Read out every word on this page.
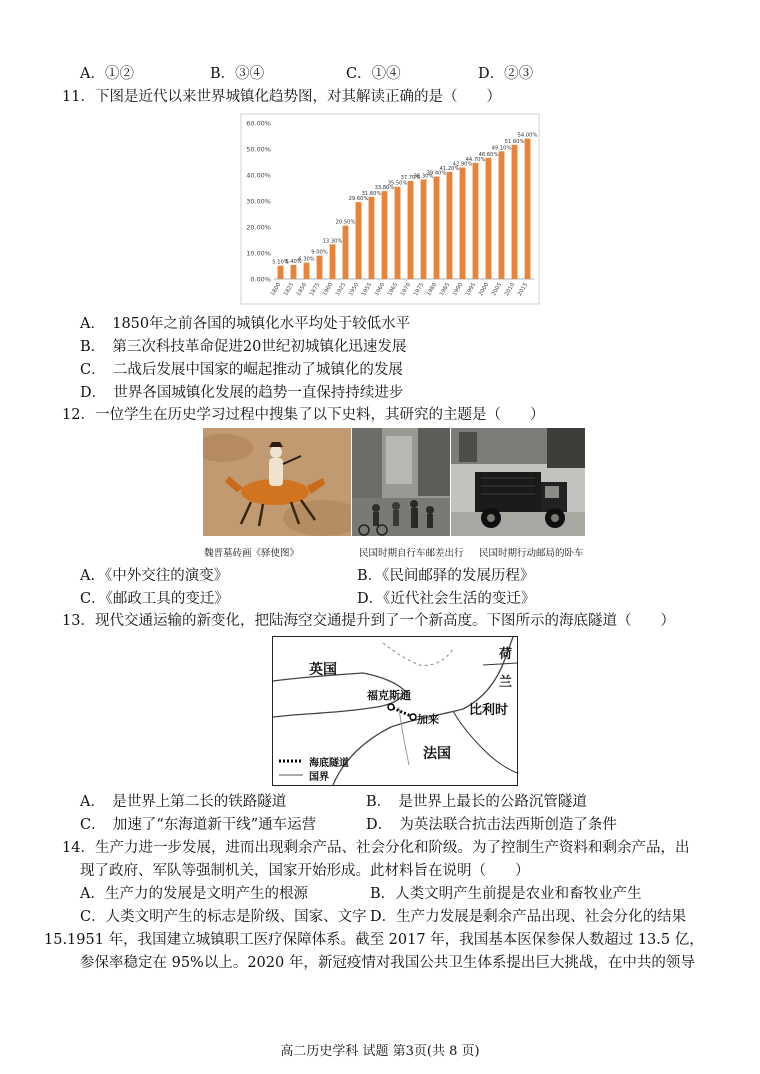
A．①②	B．③④	C．①④	D．②③
11．下图是近代以来世界城镇化趋势图，对其解读正确的是（　　）
0.00%
10.00%
20.00%
30.00%
40.00%
50.00%
60.00%
5.10%
1800
5.40%
1825
6.30%
1850
9.00%
1875
13.30%
1900
20.50%
1925
29.60%
1950
31.60%
1955
33.80%
1960
35.50%
1965
37.70%
1970
38.30%
1975
39.40%
1980
41.20%
1985
42.90%
1990
44.70%
1995
46.60%
2000
49.10%
2005
51.60%
2010
54.00%
2015
A．　1850年之前各国的城镇化水平均处于较低水平
B．　第三次科技革命促进20世纪初城镇化迅速发展
C．　二战后发展中国家的崛起推动了城镇化的发展
D．　世界各国城镇化发展的趋势一直保持持续进步
12．一位学生在历史学习过程中搜集了以下史料，其研究的主题是（　　）
魏晋墓砖画《驿使图》	民国时期自行车邮差出行 民国时期行动邮局的卧车
A．《中外交往的演变》	B．《民间邮驿的发展历程》
C．《邮政工具的变迁》	D．《近代社会生活的变迁》
13．现代交通运输的新变化，把陆海空交通提升到了一个新高度。下图所示的海底隧道（　　）
英国
法国
比利时
荷
兰
福克斯通
加来
海底隧道
国界
A．　是世界上第二长的铁路隧道	B．　是世界上最长的公路沉管隧道
C．　加速了“东海道新干线”通车运营	D．　为英法联合抗击法西斯创造了条件
14．生产力进一步发展，进而出现剩余产品、社会分化和阶级。为了控制生产资料和剩余产品，出
现了政府、军队等强制机关，国家开始形成。此材料旨在说明（　　）
A．生产力的发展是文明产生的根源	B．人类文明产生前提是农业和畜牧业产生
C．人类文明产生的标志是阶级、国家、文字 D．生产力发展是剩余产品出现、社会分化的结果
15.1951 年，我国建立城镇职工医疗保障体系。截至 2017 年，我国基本医保参保人数超过 13.5 亿，
参保率稳定在 95%以上。2020 年，新冠疫情对我国公共卫生体系提出巨大挑战，在中共的领导
高二历史学科 试题 第3页(共 8 页)
